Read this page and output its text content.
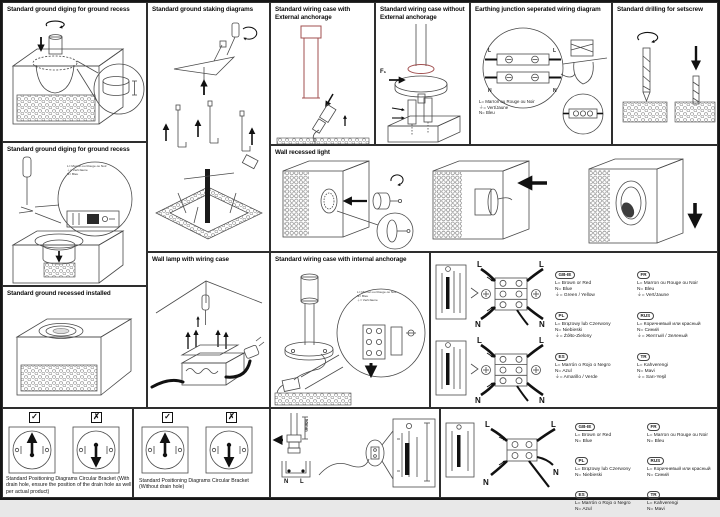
Standard ground diging for ground recess	Standard ground staking diagrams	Standard wiring case with External anchorage
Standard wiring case without External anchorage
F₁
Earthing junction seperated wiring diagram
L	L
N	N
L= Marron ou Rouge ou Noir
⏚= Vert/Jaune
N= Bleu
Standard drilling for setscrew
Standard ground diging for ground recess
L= Marron ou Rouge ou Noir
⏚= Vert/Jaune
N= Bleu
Wall recessed light
Standard ground recessed installed
Wall lamp with wiring case	Standard wiring case with internal anchorage
L= Marron ou Rouge ou Noir
N= Bleu
⏚= Vert/Jaune
L	L
N	N
L	L
N	N
GB-IE
L= Brown or Red
N= Blue
⏚= Green / Yellow
PL
L= Brązowy lub Czerwony
N= Niebieski
⏚= Żółto-Zielony
ES
L= Marrón o Rojo o Negro
N= Azul
⏚= Amarillo / Verde
FR
L= Marron ou Rouge ou Noir
N= Bleu
⏚= Vert/Jaune
RUS
L= Коричневый или красный
N= Синий
⏚= Желтый / Зеленый
TR
L= Kahverengi
N= Mavi
⏚= Sarı-Yeşil
✓	✗
Standard Positioning Diagrams Circular Bracket (With drain hole, ensure the position of the drain hole as well per actual product)
✓	✗
Standard Positioning Diagrams Circular Bracket (Without drain hole)
50mm
N L
L	L
N
N
GB-IE
L= Brown or Red
N= Blue
PL
L= Brązowy lub Czerwony
N= Niebieski
ES
L= Marrón o Rojo o Negro
N= Azul
FR
L= Marron ou Rouge ou Noir
N= Bleu
RUS
L= Коричневый или красный
N= Синий
TR
L= Kahverengi
N= Mavi
